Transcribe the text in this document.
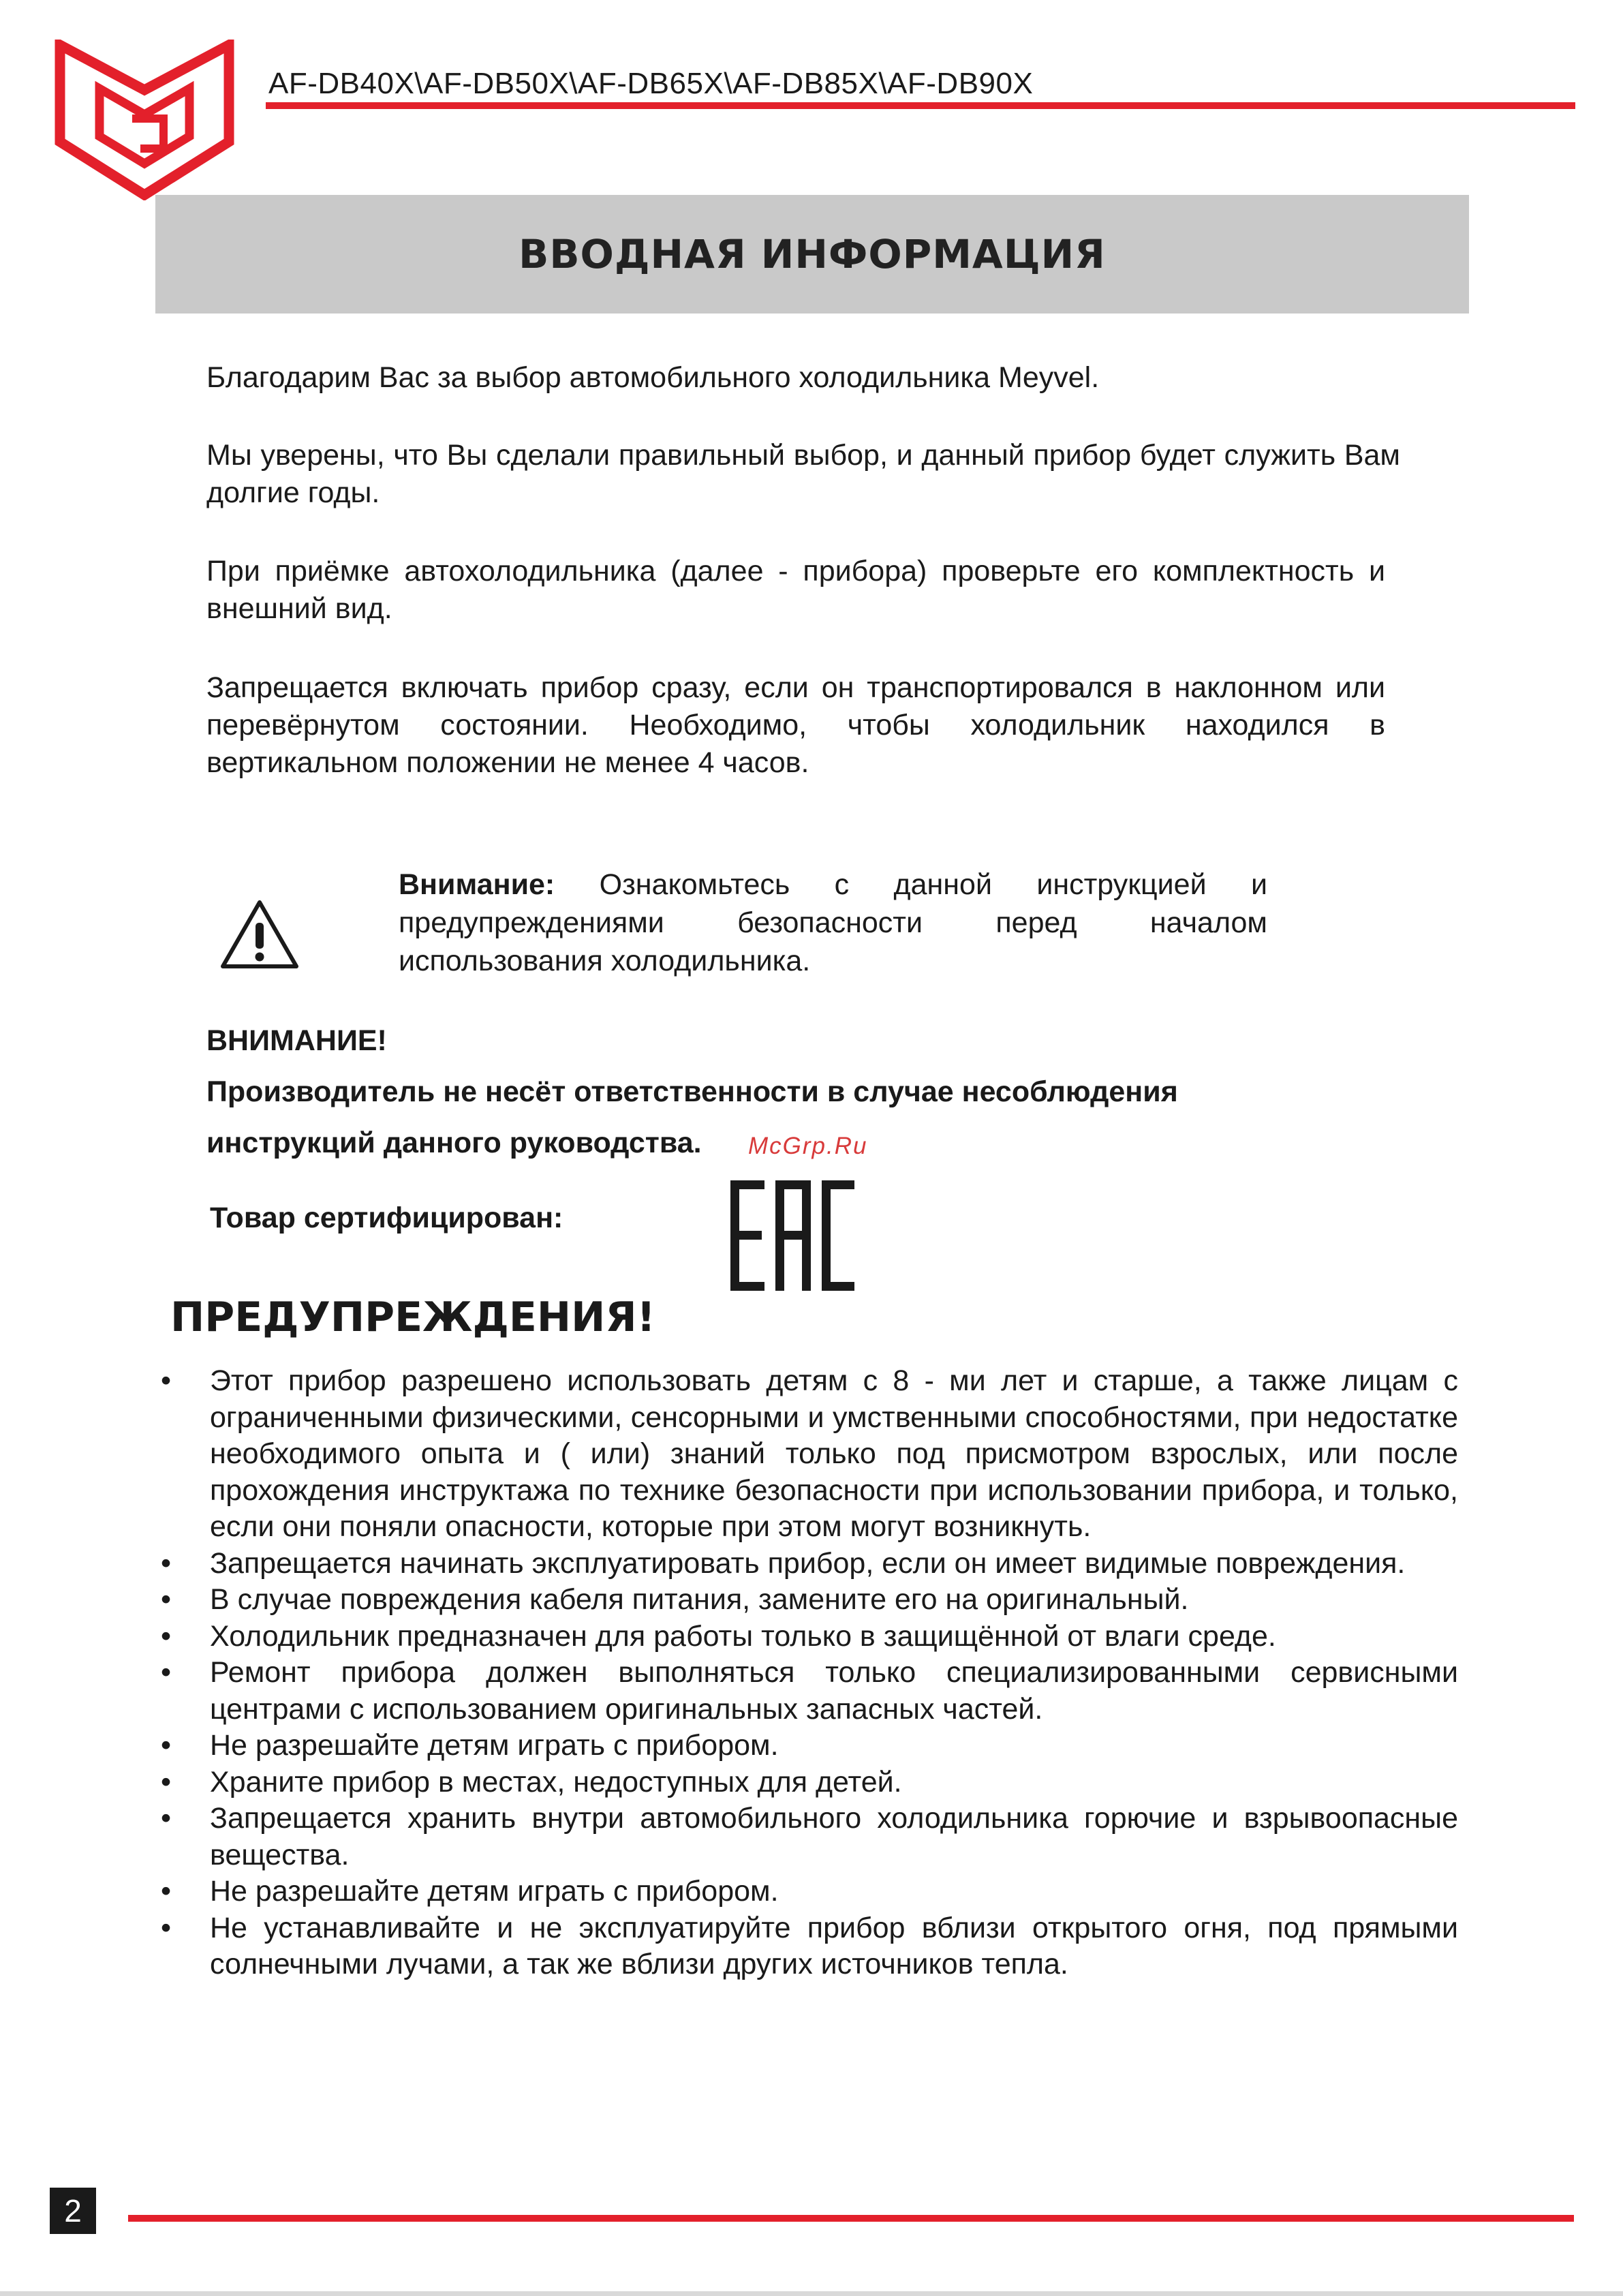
AF-DB40X\AF-DB50X\AF-DB65X\AF-DB85X\AF-DB90X
ВВОДНАЯ ИНФОРМАЦИЯ

Благодарим Вас за выбор автомобильного холодильника Meyvel.

Мы уверены, что Вы сделали правильный выбор, и данный прибор будет служить Вам долгие годы.

При приёмке автохолодильника (далее - прибора) проверьте его комплектность и внешний вид.

Запрещается включать прибор сразу, если он транспортировался в наклонном или перевёрнутом состоянии. Необходимо, чтобы холодильник находился в вертикальном положении не менее 4 часов.

Внимание: Ознакомьтесь с данной инструкцией и предупреждениями безопасности перед началом использования холодильника.

ВНИМАНИЕ!
Производитель не несёт ответственности в случае несоблюдения
инструкций данного руководства. McGrp.Ru
Товар сертифицирован:
ПРЕДУПРЕЖДЕНИЯ!
• Этот прибор разрешено использовать детям с 8 - ми лет и старше, а также лицам с ограниченными физическими, сенсорными и умственными способностями, при недостатке необходимого опыта и ( или) знаний только под присмотром взрослых, или после прохождения инструктажа по технике безопасности при использовании прибора, и только, если они поняли опасности, которые при этом могут возникнуть.
• Запрещается начинать эксплуатировать прибор, если он имеет видимые повреждения.
• В случае повреждения кабеля питания, замените его на оригинальный.
• Холодильник предназначен для работы только в защищённой от влаги среде.
• Ремонт прибора должен выполняться только специализированными сервисными центрами с использованием оригинальных запасных частей.
• Не разрешайте детям играть с прибором.
• Храните прибор в местах, недоступных для детей.
• Запрещается хранить внутри автомобильного холодильника горючие и взрывоопасные вещества.
• Не разрешайте детям играть с прибором.
• Не устанавливайте и не эксплуатируйте прибор вблизи открытого огня, под прямыми солнечными лучами, а так же вблизи других источников тепла.
2
